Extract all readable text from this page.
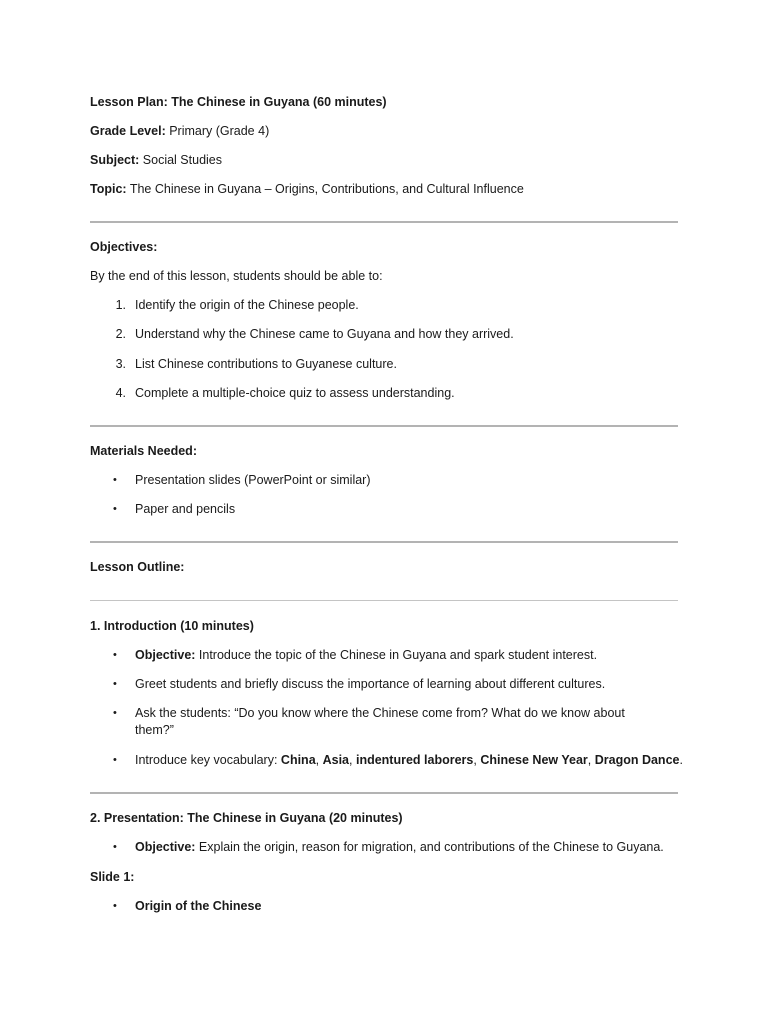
Lesson Plan: The Chinese in Guyana (60 minutes)
Grade Level: Primary (Grade 4)
Subject: Social Studies
Topic: The Chinese in Guyana – Origins, Contributions, and Cultural Influence
Objectives:
By the end of this lesson, students should be able to:
1. Identify the origin of the Chinese people.
2. Understand why the Chinese came to Guyana and how they arrived.
3. List Chinese contributions to Guyanese culture.
4. Complete a multiple-choice quiz to assess understanding.
Materials Needed:
• Presentation slides (PowerPoint or similar)
• Paper and pencils
Lesson Outline:
1. Introduction (10 minutes)
• Objective: Introduce the topic of the Chinese in Guyana and spark student interest.
• Greet students and briefly discuss the importance of learning about different cultures.
• Ask the students: “Do you know where the Chinese come from? What do we know about them?”
• Introduce key vocabulary: China, Asia, indentured laborers, Chinese New Year, Dragon Dance.
2. Presentation: The Chinese in Guyana (20 minutes)
• Objective: Explain the origin, reason for migration, and contributions of the Chinese to Guyana.
Slide 1:
• Origin of the Chinese
